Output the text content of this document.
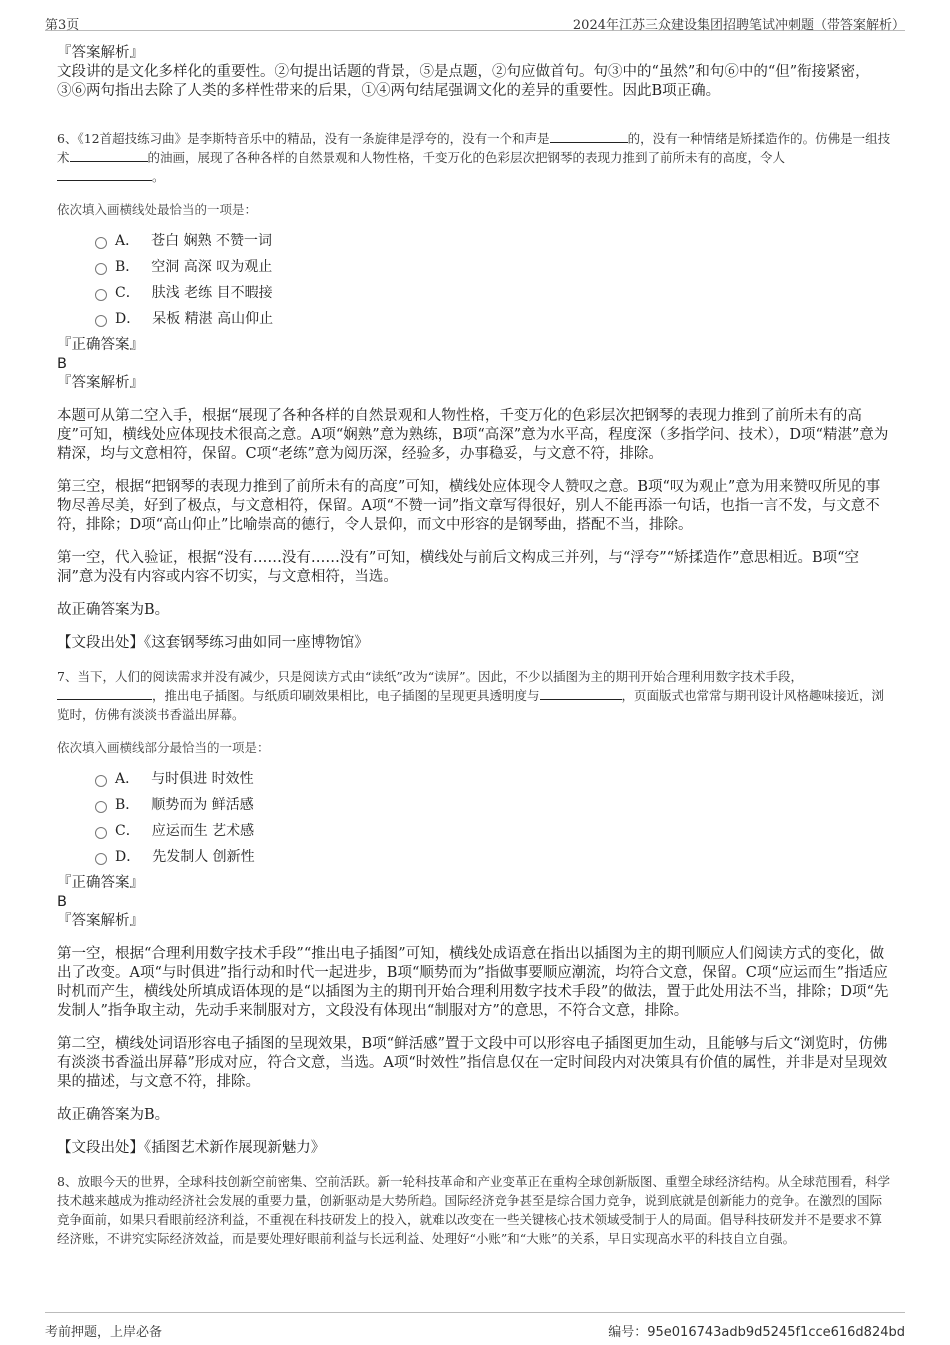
第3页	2024年江苏三众建设集团招聘笔试冲刺题（带答案解析）

『答案解析』

文段讲的是文化多样化的重要性。②句提出话题的背景，⑤是点题，②句应做首句。句③中的“虽然”和句⑥中的“但”衔接紧密，③⑥两句指出去除了人类的多样性带来的后果，①④两句结尾强调文化的差异的重要性。因此B项正确。

6、《12首超技练习曲》是李斯特音乐中的精品，没有一条旋律是浮夸的，没有一个和声是	的，没有一种情绪是矫揉造作的。仿佛是一组技术	的油画，展现了各种各样的自然景观和人物性格，千变万化的色彩层次把钢琴的表现力推到了前所未有的高度，令人
。

依次填入画横线处最恰当的一项是：

A． 苍白 娴熟 不赞一词
B． 空洞 高深 叹为观止
C． 肤浅 老练 目不暇接
D． 呆板 精湛 高山仰止

『正确答案』

B

『答案解析』

本题可从第二空入手，根据“展现了各种各样的自然景观和人物性格，千变万化的色彩层次把钢琴的表现力推到了前所未有的高度”可知，横线处应体现技术很高之意。A项“娴熟”意为熟练，B项“高深”意为水平高，程度深（多指学问、技术），D项“精湛”意为精深，均与文意相符，保留。C项“老练”意为阅历深，经验多，办事稳妥，与文意不符，排除。

第三空，根据“把钢琴的表现力推到了前所未有的高度”可知，横线处应体现令人赞叹之意。B项“叹为观止”意为用来赞叹所见的事物尽善尽美，好到了极点，与文意相符，保留。A项“不赞一词”指文章写得很好，别人不能再添一句话，也指一言不发，与文意不符，排除；D项“高山仰止”比喻崇高的德行，令人景仰，而文中形容的是钢琴曲，搭配不当，排除。

第一空，代入验证，根据“没有……没有……没有”可知，横线处与前后文构成三并列，与“浮夸”“矫揉造作”意思相近。B项“空洞”意为没有内容或内容不切实，与文意相符，当选。

故正确答案为B。

【文段出处】《这套钢琴练习曲如同一座博物馆》

7、当下，人们的阅读需求并没有减少，只是阅读方式由“读纸”改为“读屏”。因此，不少以插图为主的期刊开始合理利用数字技术手段，
，推出电子插图。与纸质印刷效果相比，电子插图的呈现更具透明度与	，页面版式也常常与期刊设计风格趣味接近，浏览时，仿佛有淡淡书香溢出屏幕。

依次填入画横线部分最恰当的一项是：

A． 与时俱进 时效性
B． 顺势而为 鲜活感
C． 应运而生 艺术感
D． 先发制人 创新性

『正确答案』

B

『答案解析』

第一空，根据“合理利用数字技术手段”“推出电子插图”可知，横线处成语意在指出以插图为主的期刊顺应人们阅读方式的变化，做出了改变。A项“与时俱进”指行动和时代一起进步，B项“顺势而为”指做事要顺应潮流，均符合文意，保留。C项“应运而生”指适应时机而产生，横线处所填成语体现的是“以插图为主的期刊开始合理利用数字技术手段”的做法，置于此处用法不当，排除；D项“先发制人”指争取主动，先动手来制服对方，文段没有体现出“制服对方”的意思，不符合文意，排除。

第二空，横线处词语形容电子插图的呈现效果，B项“鲜活感”置于文段中可以形容电子插图更加生动，且能够与后文“浏览时，仿佛有淡淡书香溢出屏幕”形成对应，符合文意，当选。A项“时效性”指信息仅在一定时间段内对决策具有价值的属性，并非是对呈现效果的描述，与文意不符，排除。

故正确答案为B。

【文段出处】《插图艺术新作展现新魅力》

8、放眼今天的世界，全球科技创新空前密集、空前活跃。新一轮科技革命和产业变革正在重构全球创新版图、重塑全球经济结构。从全球范围看，科学技术越来越成为推动经济社会发展的重要力量，创新驱动是大势所趋。国际经济竞争甚至是综合国力竞争，说到底就是创新能力的竞争。在激烈的国际竞争面前，如果只看眼前经济利益，不重视在科技研发上的投入，就难以改变在一些关键核心技术领域受制于人的局面。倡导科技研发并不是要求不算经济账，不讲究实际经济效益，而是要处理好眼前利益与长远利益、处理好“小账”和“大账”的关系，早日实现高水平的科技自立自强。

考前押题，上岸必备	编号：95e016743adb9d5245f1cce616d824bd
